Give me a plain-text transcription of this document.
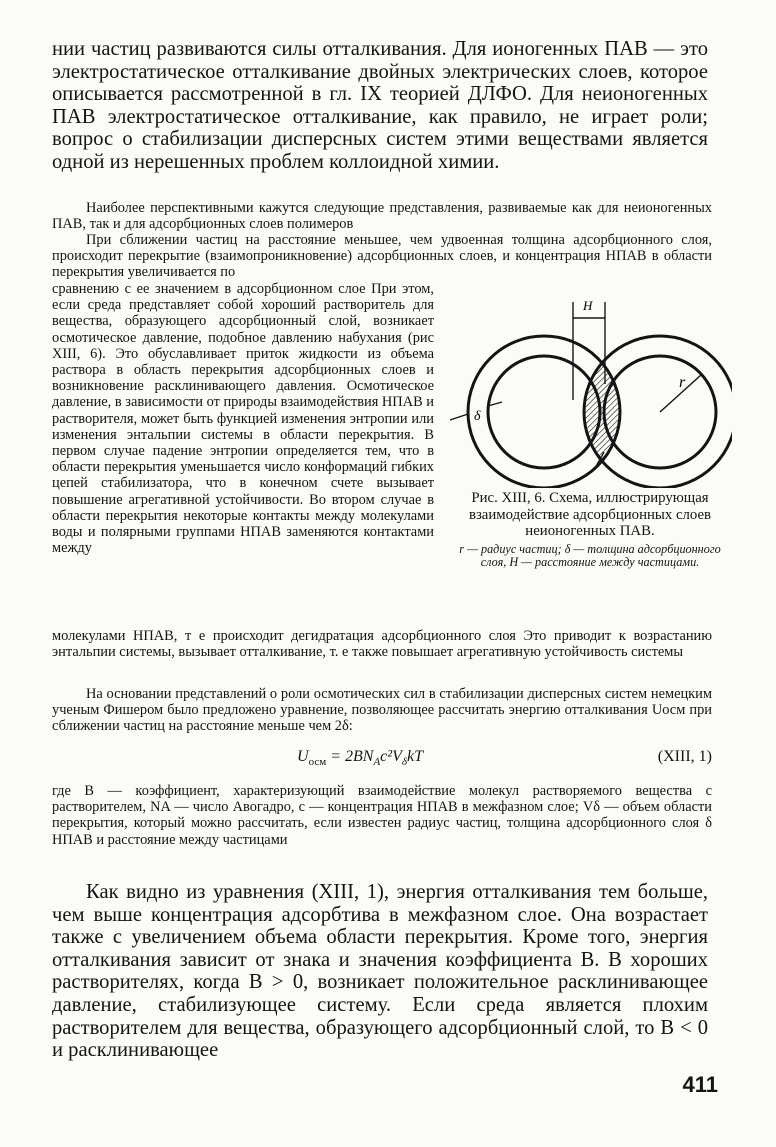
нии частиц развиваются силы отталкивания. Для ионогенных ПАВ — это электростатическое отталкивание двойных электрических слоев, которое описывается рассмотренной в гл. IX теорией ДЛФО. Для неионогенных ПАВ электростатическое отталкивание, как правило, не играет роли; вопрос о стабилизации дисперсных систем этими веществами является одной из нерешенных проблем коллоидной химии.

Наиболее перспективными кажутся следующие представления, развиваемые как для неионогенных ПАВ, так и для адсорбционных слоев полимеров

При сближении частиц на расстояние меньшее, чем удвоенная толщина адсорбционного слоя, происходит перекрытие (взаимопроникновение) адсорбционных слоев, и концентрация НПАВ в области перекрытия увеличивается по

сравнению с ее значением в адсорбционном слое При этом, если среда представляет собой хороший растворитель для вещества, образующего адсорбционный слой, возникает осмотическое давление, подобное давлению набухания (рис XIII, 6). Это обуславливает приток жидкости из объема раствора в область перекрытия адсорбционных слоев и возникновение расклинивающего давления. Осмотическое давление, в зависимости от природы взаимодействия НПАВ и растворителя, может быть функцией изменения энтропии или изменения энтальпии системы в области перекрытия. В первом случае падение энтропии определяется тем, что в области перекрытия уменьшается число конформаций гибких цепей стабилизатора, что в конечном счете вызывает повышение агрегативной устойчивости. Во втором случае в области перекрытия некоторые контакты между молекулами воды и полярными группами НПАВ заменяются контактами между

H
r
δ

Рис. XIII, 6. Схема, иллюстрирующая взаимодействие адсорбционных слоев неионогенных ПАВ.

r — радиус частиц; δ — толщина адсорбционного слоя, H — расстояние между частицами.

молекулами НПАВ, т е происходит дегидратация адсорбционного слоя Это приводит к возрастанию энтальпии системы, вызывает отталкивание, т. е также повышает агрегативную устойчивость системы

На основании представлений о роли осмотических сил в стабилизации дисперсных систем немецким ученым Фишером было предложено уравнение, позволяющее рассчитать энергию отталкивания Uосм при сближении частиц на расстояние меньше чем 2δ:

$U_{осм} = 2BN_Ac^2V_\delta kT$	(XIII, 1)

где B — коэффициент, характеризующий взаимодействие молекул растворяемого вещества с растворителем, NA — число Авогадро, c — концентрация НПАВ в межфазном слое; Vδ — объем области перекрытия, который можно рассчитать, если известен радиус частиц, толщина адсорбционного слоя δ НПАВ и расстояние между частицами

Как видно из уравнения (XIII, 1), энергия отталкивания тем больше, чем выше концентрация адсорбтива в межфазном слое. Она возрастает также с увеличением объема области перекрытия. Кроме того, энергия отталкивания зависит от знака и значения коэффициента B. В хороших растворителях, когда B > 0, возникает положительное расклинивающее давление, стабилизующее систему. Если среда является плохим растворителем для вещества, образующего адсорбционный слой, то B < 0 и расклинивающее

411
